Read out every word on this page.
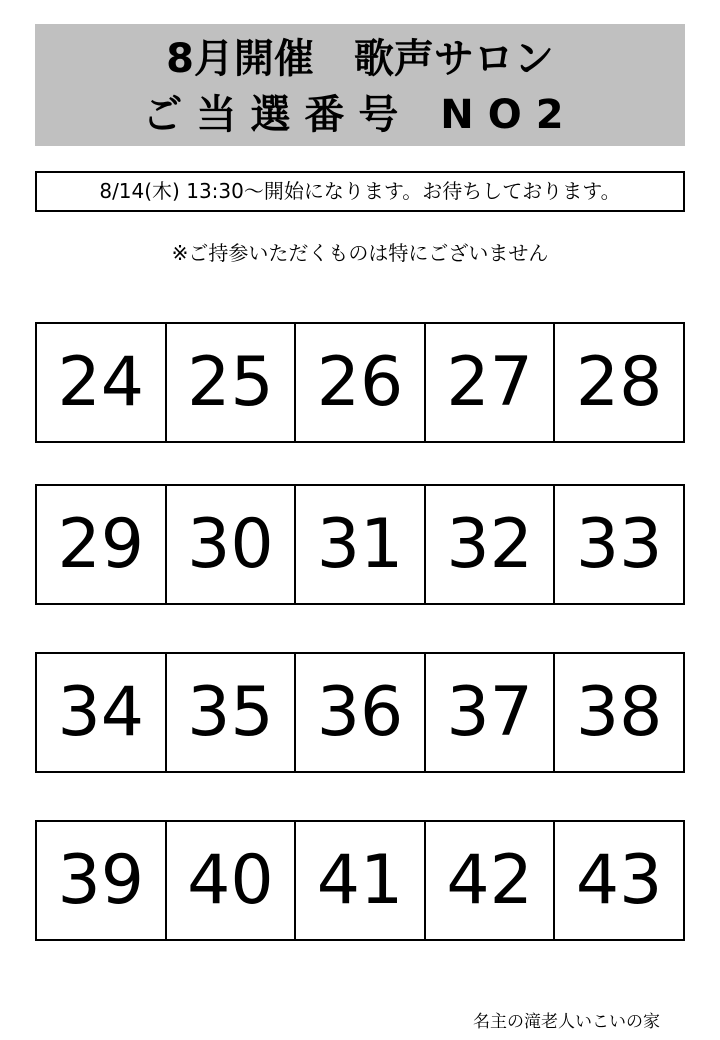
8月開催　歌声サロン
ご当選番号 NO2
8/14(木) 13:30〜開始になります。お待ちしております。
※ご持参いただくものは特にございません
24 25 26 27 28
29 30 31 32 33
34 35 36 37 38
39 40 41 42 43
名主の滝老人いこいの家
